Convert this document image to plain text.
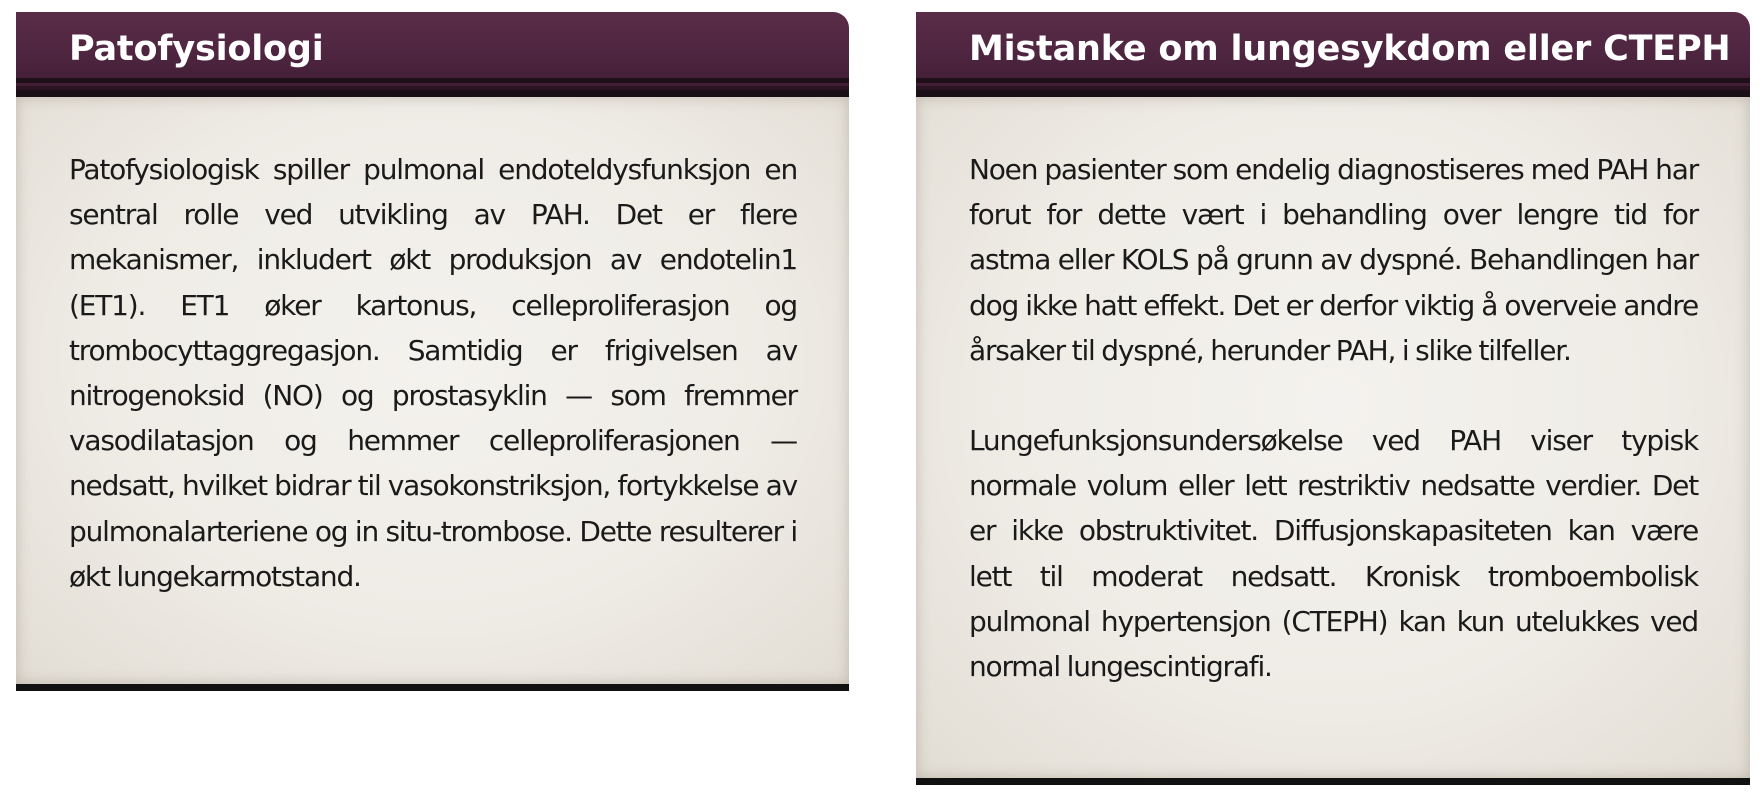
Patofysiologi

Patofysiologisk spiller pulmonal endoteldysfunksjon en sentral rolle ved utvikling av PAH. Det er flere mekanismer, inkludert økt produksjon av endotelin1 (ET1). ET1 øker kartonus, celleproliferasjon og trombocyttaggregasjon. Samtidig er frigivelsen av nitrogenoksid (NO) og prostasyklin — som fremmer vasodilatasjon og hemmer celleproliferasjonen — nedsatt, hvilket bidrar til vasokonstriksjon, fortykkelse av pulmonalarteriene og in situ-trombose. Dette resulterer i økt lungekarmotstand.

Mistanke om lungesykdom eller CTEPH

Noen pasienter som endelig diagnostiseres med PAH har forut for dette vært i behandling over lengre tid for astma eller KOLS på grunn av dyspné. Behandlingen har dog ikke hatt effekt. Det er derfor viktig å overveie andre årsaker til dyspné, herunder PAH, i slike tilfeller.

Lungefunksjonsundersøkelse ved PAH viser typisk normale volum eller lett restriktiv nedsatte verdier. Det er ikke obstruktivitet. Diffusjonskapasiteten kan være lett til moderat nedsatt. Kronisk tromboembolisk pulmonal hypertensjon (CTEPH) kan kun utelukkes ved normal lungescintigrafi.
